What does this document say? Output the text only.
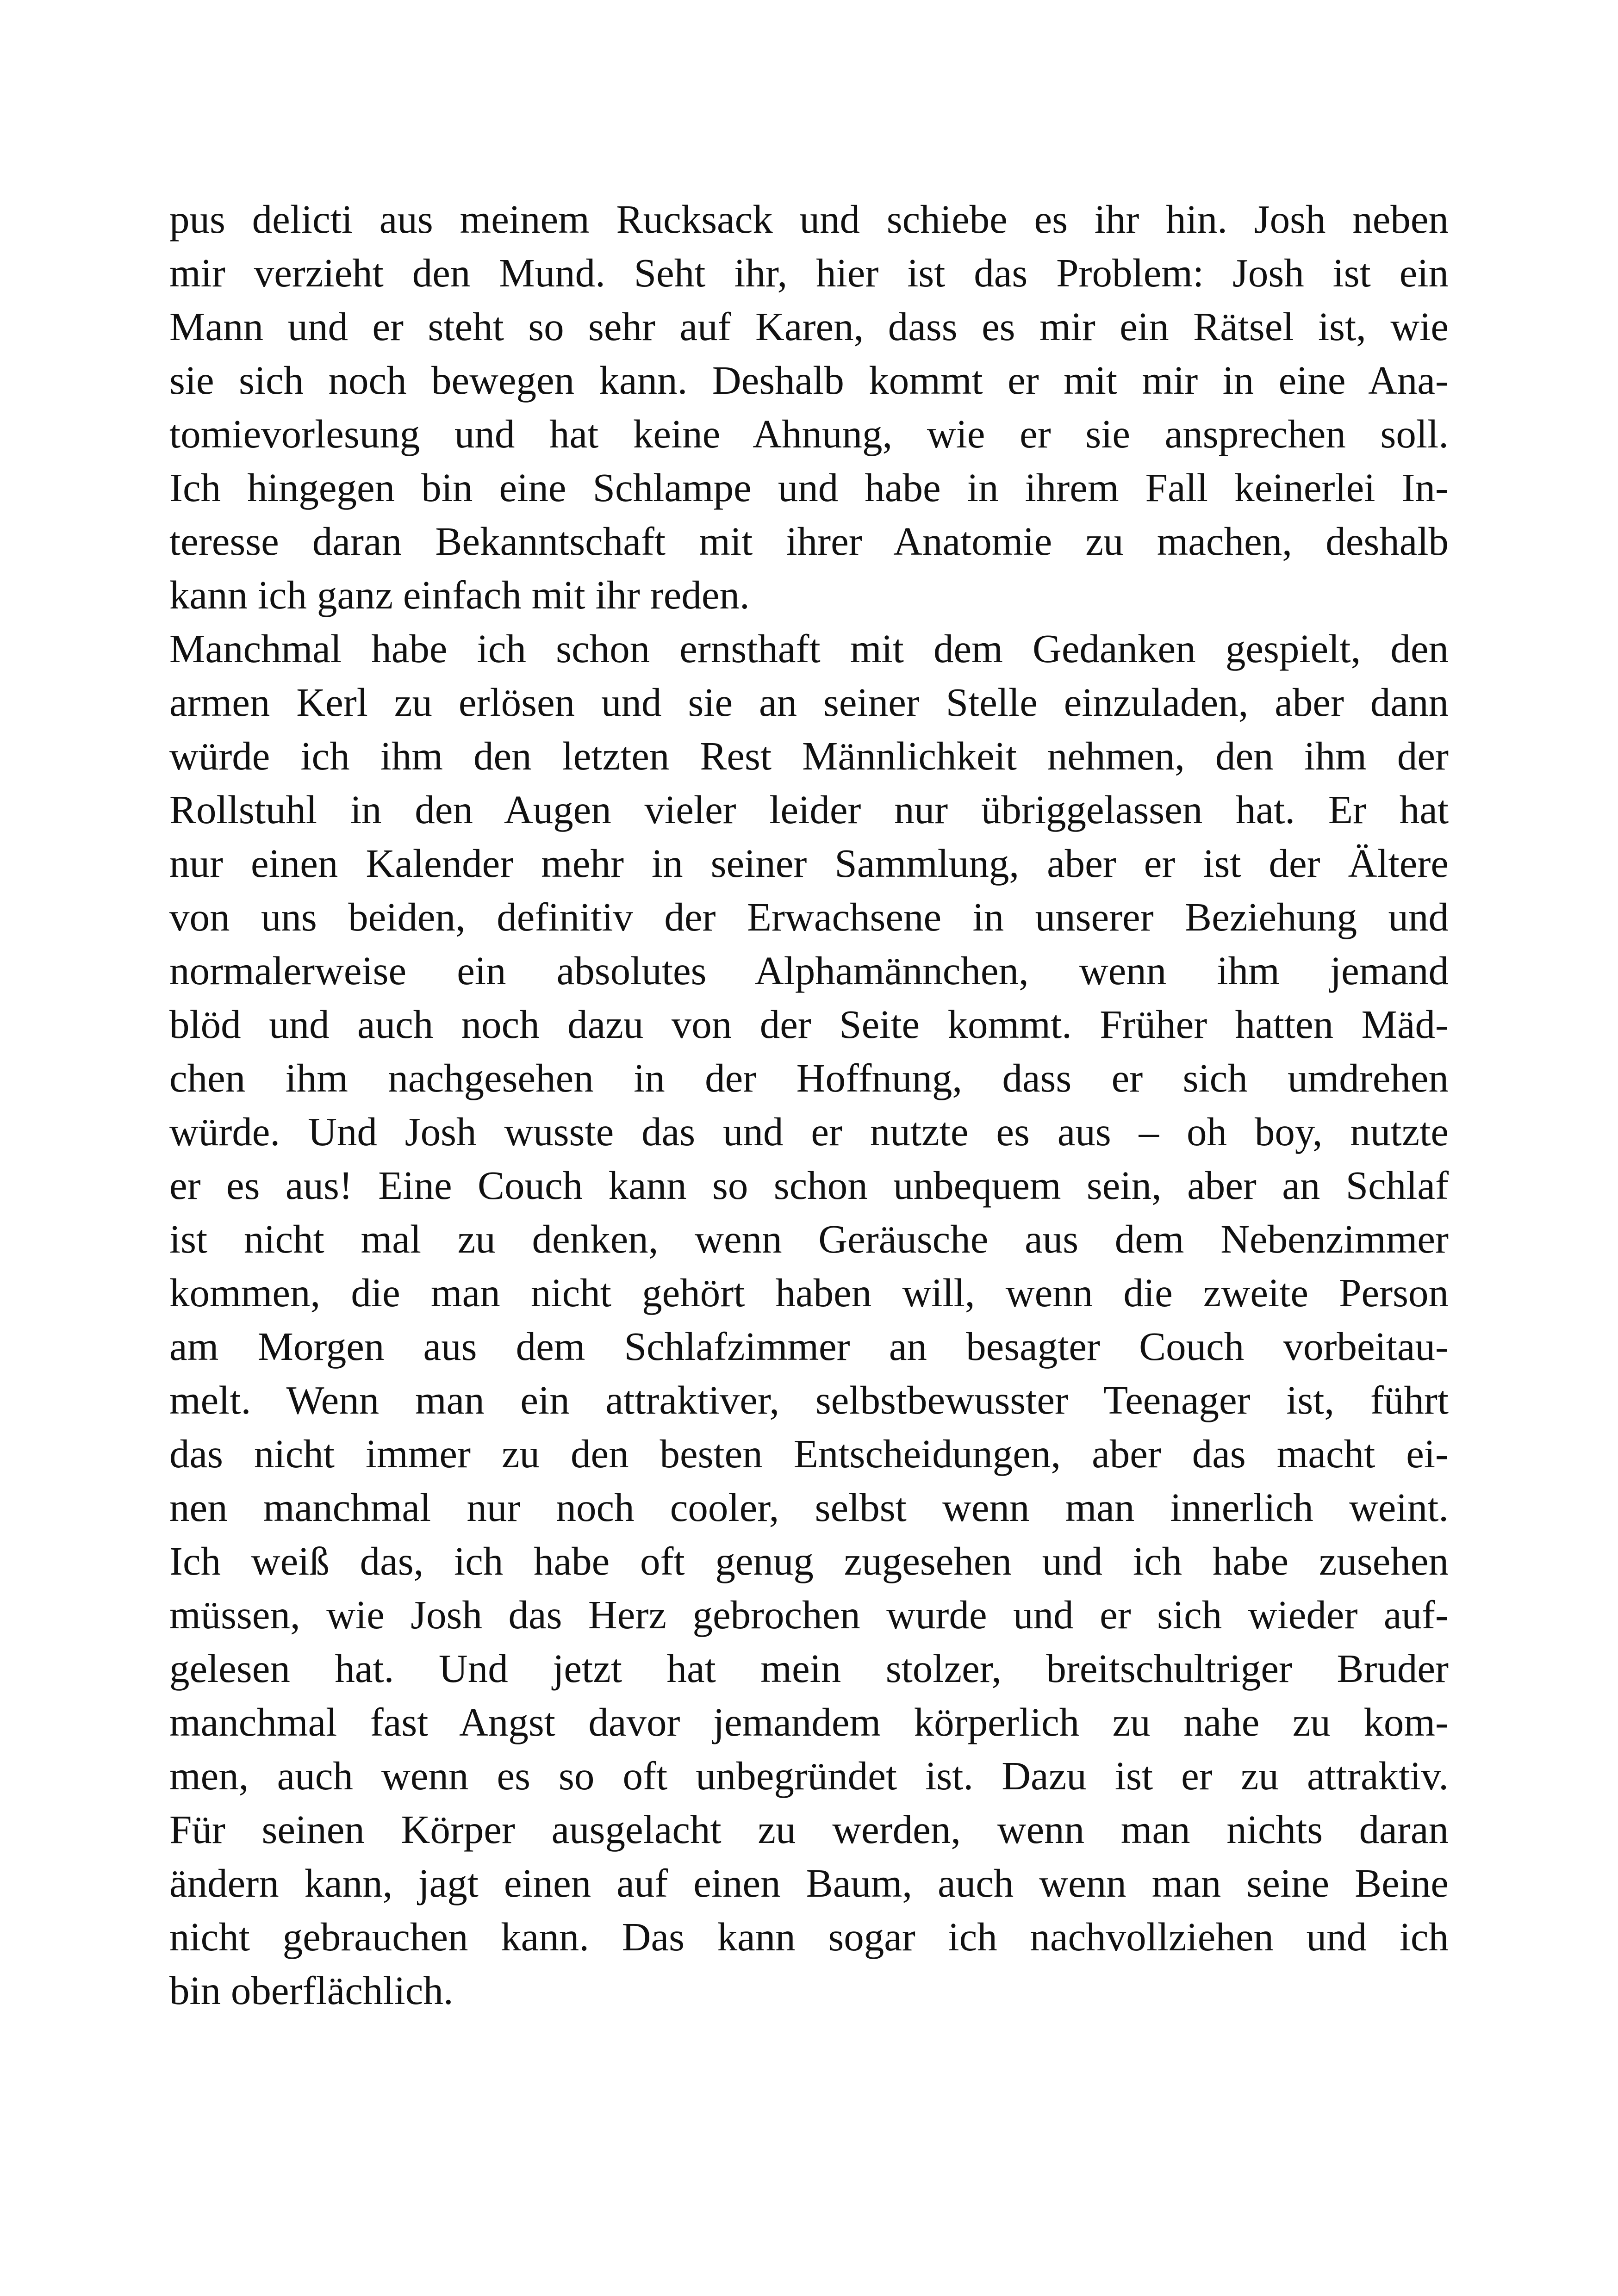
pus delicti aus meinem Rucksack und schiebe es ihr hin. Josh neben
mir verzieht den Mund. Seht ihr, hier ist das Problem: Josh ist ein
Mann und er steht so sehr auf Karen, dass es mir ein Rätsel ist, wie
sie sich noch bewegen kann. Deshalb kommt er mit mir in eine Ana-
tomievorlesung und hat keine Ahnung, wie er sie ansprechen soll.
Ich hingegen bin eine Schlampe und habe in ihrem Fall keinerlei In-
teresse daran Bekanntschaft mit ihrer Anatomie zu machen, deshalb
kann ich ganz einfach mit ihr reden.
Manchmal habe ich schon ernsthaft mit dem Gedanken gespielt, den
armen Kerl zu erlösen und sie an seiner Stelle einzuladen, aber dann
würde ich ihm den letzten Rest Männlichkeit nehmen, den ihm der
Rollstuhl in den Augen vieler leider nur übriggelassen hat. Er hat
nur einen Kalender mehr in seiner Sammlung, aber er ist der Ältere
von uns beiden, definitiv der Erwachsene in unserer Beziehung und
normalerweise ein absolutes Alphamännchen, wenn ihm jemand
blöd und auch noch dazu von der Seite kommt. Früher hatten Mäd-
chen ihm nachgesehen in der Hoffnung, dass er sich umdrehen
würde. Und Josh wusste das und er nutzte es aus – oh boy, nutzte
er es aus! Eine Couch kann so schon unbequem sein, aber an Schlaf
ist nicht mal zu denken, wenn Geräusche aus dem Nebenzimmer
kommen, die man nicht gehört haben will, wenn die zweite Person
am Morgen aus dem Schlafzimmer an besagter Couch vorbeitau-
melt. Wenn man ein attraktiver, selbstbewusster Teenager ist, führt
das nicht immer zu den besten Entscheidungen, aber das macht ei-
nen manchmal nur noch cooler, selbst wenn man innerlich weint.
Ich weiß das, ich habe oft genug zugesehen und ich habe zusehen
müssen, wie Josh das Herz gebrochen wurde und er sich wieder auf-
gelesen hat. Und jetzt hat mein stolzer, breitschultriger Bruder
manchmal fast Angst davor jemandem körperlich zu nahe zu kom-
men, auch wenn es so oft unbegründet ist. Dazu ist er zu attraktiv.
Für seinen Körper ausgelacht zu werden, wenn man nichts daran
ändern kann, jagt einen auf einen Baum, auch wenn man seine Beine
nicht gebrauchen kann. Das kann sogar ich nachvollziehen und ich
bin oberflächlich.
